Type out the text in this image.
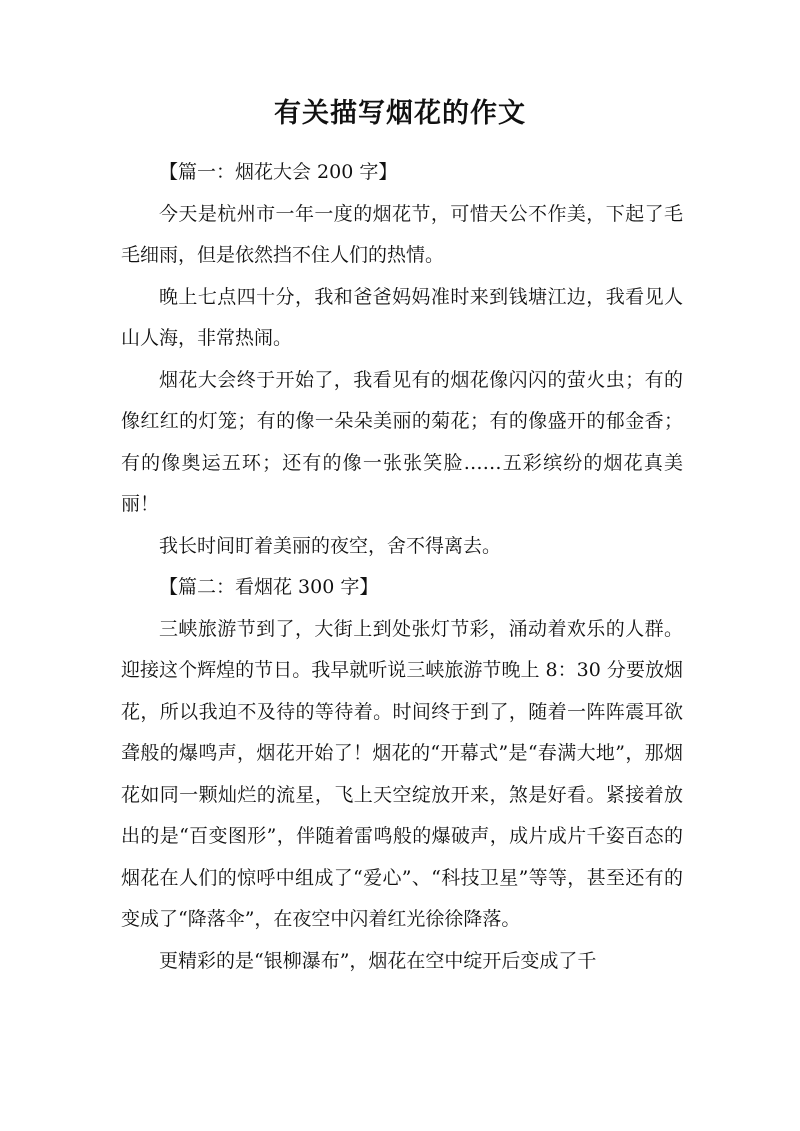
有关描写烟花的作文

【篇一：烟花大会 200 字】

今天是杭州市一年一度的烟花节，可惜天公不作美，下起了毛毛细雨，但是依然挡不住人们的热情。

晚上七点四十分，我和爸爸妈妈准时来到钱塘江边，我看见人山人海，非常热闹。

烟花大会终于开始了，我看见有的烟花像闪闪的萤火虫；有的像红红的灯笼；有的像一朵朵美丽的菊花；有的像盛开的郁金香；有的像奥运五环；还有的像一张张笑脸……五彩缤纷的烟花真美丽！

我长时间盯着美丽的夜空，舍不得离去。

【篇二：看烟花 300 字】

三峡旅游节到了，大街上到处张灯节彩，涌动着欢乐的人群。迎接这个辉煌的节日。我早就听说三峡旅游节晚上 8：30 分要放烟花，所以我迫不及待的等待着。时间终于到了，随着一阵阵震耳欲聋般的爆鸣声，烟花开始了！烟花的“开幕式”是“春满大地”，那烟花如同一颗灿烂的流星，飞上天空绽放开来，煞是好看。紧接着放出的是“百变图形”，伴随着雷鸣般的爆破声，成片成片千姿百态的烟花在人们的惊呼中组成了“爱心”、“科技卫星”等等，甚至还有的变成了“降落伞”，在夜空中闪着红光徐徐降落。

更精彩的是“银柳瀑布”，烟花在空中绽开后变成了千
